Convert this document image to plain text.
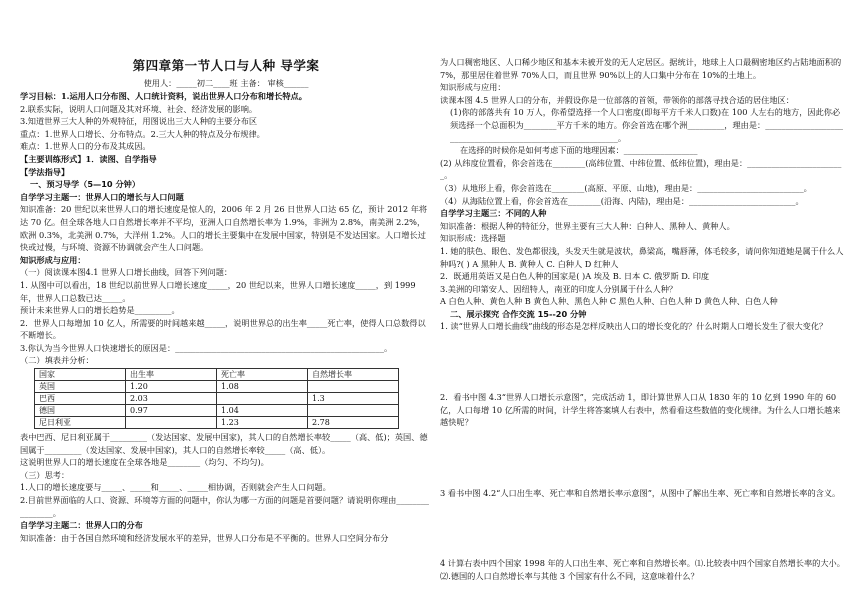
第四章第一节人口与人种 导学案

使用人：_____初二____班 主备： 审核______

学习目标：1.运用人口分布图、人口统计资料，说出世界人口分布和增长特点。

2.联系实际，说明人口问题及其对环境、社会、经济发展的影响。

3.知道世界三大人种的外观特征，用图说出三大人种的主要分布区

重点：1.世界人口增长、分布特点。2.三大人种的特点及分布规律。

难点：1.世界人口的分布及其成因。

【主要训练形式】1．读图、自学指导

【学法指导】

一、预习导学（5—10 分钟）

自学学习主题一：世界人口的增长与人口问题

知识准备：20 世纪以来世界人口的增长速度是惊人的，2006 年 2 月 26 日世界人口达 65 亿，预计 2012 年将达 70 亿。但全球各地人口自然增长率并不平均，亚洲人口自然增长率为 1.9%，非洲为 2.8%，南美洲 2.2%，欧洲 0.3%，北美洲 0.7%，大洋州 1.2%。人口的增长主要集中在发展中国家，特别是不发达国家。人口增长过快或过慢，与环境、资源不协调就会产生人口问题。

知识形成与应用：

（一）阅读课本图4.1 世界人口增长曲线，回答下列问题：

1. 从图中可以看出，18 世纪以前世界人口增长速度_____，20 世纪以来，世界人口增长速度_____，到 1999 年，世界人口总数已达_____。

预计未来世界人口的增长趋势是_________。

2．世界人口每增加 10 亿人，所需要的时间越来越_____，说明世界总的出生率_____死亡率，使得人口总数得以不断增长。

3.你认为当今世界人口快速增长的原因是：___________________________________________________。

（二）填表并分析：

国家	出生率	死亡率	自然增长率
英国	1.20	1.08	
巴西	2.03		1.3
德国	0.97	1.04	
尼日利亚		1.23	2.78

表中巴西、尼日利亚属于_________（发达国家、发展中国家)，其人口的自然增长率较_____（高、低)；英国、德国属于_________（发达国家、发展中国家)，其人口的自然增长率较_____（高、低）。

这说明世界人口的增长速度在全球各地是________（均匀、不均匀)。

（三）思考：

1.人口的增长速度要与_____、_____和_____、_____相协调，否则就会产生人口问题。

2.目前世界面临的人口、资源、环境等方面的问题中，你认为哪一方面的问题是首要问题？请说明你理由________________。

自学学习主题二：世界人口的分布

知识准备：由于各国自然环境和经济发展水平的差异，世界人口分布是不平衡的。世界人口空间分布分

为人口稠密地区、人口稀少地区和基本未被开发的无人定居区。据统计，地球上人口最稠密地区约占陆地面积的 7%，那里居住着世界 70%人口，而且世界 90%以上的人口集中分布在 10%的土地上。

知识形成与应用：

读课本图 4.5 世界人口的分布，并假设你是一位部落的首领，带领你的部落寻找合适的居住地区：

(1)你的部落共有 10 万人，你希望选择一个人口密度(即每平方千米人口数)在 100 人左右的地方，因此你必须选择一个总面积为________平方千米的地方。你会首选在哪个洲_________，理由是：____________________________________________________________。

在选择的时候你是如何考虑下面的地理因素：__________________

(2) 从纬度位置看，你会首选在________(高纬位置、中纬位置、低纬位置)，理由是：________________________。

（3）从地形上看，你会首选在________(高原、平原、山地)，理由是：__________________________。

（4）从海陆位置上看，你会首选在________(沿海、内陆)，理由是：__________________________。

自学学习主题三：不同的人种

知识准备：根据人种的特征分，世界主要有三大人种：白种人、黑种人、黄种人。

知识形成：选择题

1. 她的肤色、眼色、发色都很浅，头发天生就是波状，鼻梁高，嘴唇薄，体毛较多，请问你知道她是属于什么人种吗?( ) A 黑种人 B. 黄种人 C. 白种人 D 红种人

2．既通用英语又是白色人种的国家是( )A 埃及 B. 日本 C. 俄罗斯 D. 印度

3.美洲的印第安人、因纽特人，南亚的印度人分别属于什么人种？

A 白色人种、黄色人种 B 黄色人种、黑色人种 C 黑色人种、白色人种 D 黄色人种、白色人种

二、展示探究 合作交流 15--20 分钟

1. 读“世界人口增长曲线”曲线的形态是怎样反映出人口的增长变化的？什么时期人口增长发生了很大变化？

2．看书中图 4.3“世界人口增长示意图”，完成活动 1，即计算世界人口从 1830 年的 10 亿到 1990 年的 60 亿，人口每增 10 亿所需的时间，计学生将答案填人右表中，然看看这些数值的变化规律。为什么人口增长越来越快呢？

3 看书中图 4.2“人口出生率、死亡率和自然增长率示意图”，从图中了解出生率、死亡率和自然增长率的含义。

4 计算右表中四个国家 1998 年的人口出生率、死亡率和自然增长率。⑴.比较表中四个国家自然增长率的大小。⑵.德国的人口自然增长率与其他 3 个国家有什么不同，这意味着什么？
